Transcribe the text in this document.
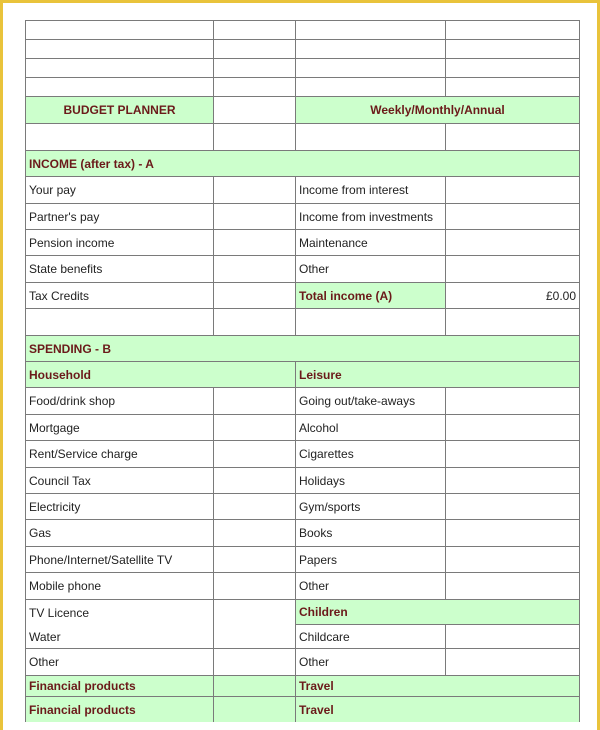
BUDGET PLANNER	Weekly/Monthly/Annual
INCOME (after tax) - A
Your pay	Income from interest
Partner's pay	Income from investments
Pension income	Maintenance
State benefits	Other
Tax Credits	Total income (A)	£0.00
SPENDING - B
Household	Leisure
Food/drink shop	Going out/take-aways
Mortgage	Alcohol
Rent/Service charge	Cigarettes
Council Tax	Holidays
Electricity	Gym/sports
Gas	Books
Phone/Internet/Satellite TV	Papers
Mobile phone	Other
TV Licence	Children
Water	Childcare
Other	Other
Financial products	Travel
Financial products	Travel
